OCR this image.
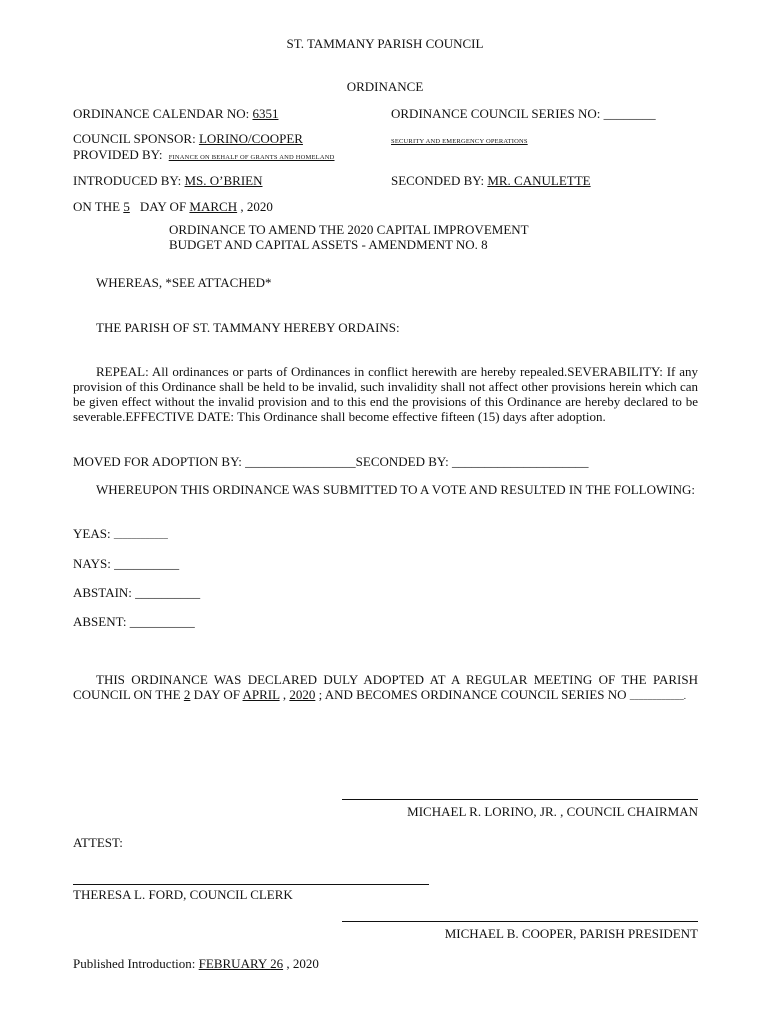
ST. TAMMANY PARISH COUNCIL
ORDINANCE
ORDINANCE CALENDAR NO: 6351	ORDINANCE COUNCIL SERIES NO: ________
COUNCIL SPONSOR: LORINO/COOPER	SECURITY AND EMERGENCY OPERATIONS
PROVIDED BY: FINANCE ON BEHALF OF GRANTS AND HOMELAND
INTRODUCED BY: MS. O’BRIEN	SECONDED BY: MR. CANULETTE
ON THE 5 DAY OF MARCH , 2020
ORDINANCE TO AMEND THE 2020 CAPITAL IMPROVEMENT
BUDGET AND CAPITAL ASSETS - AMENDMENT NO. 8
WHEREAS, *SEE ATTACHED*
THE PARISH OF ST. TAMMANY HEREBY ORDAINS:
REPEAL: All ordinances or parts of Ordinances in conflict herewith are hereby repealed.SEVERABILITY: If any provision of this Ordinance shall be held to be invalid, such invalidity shall not affect other provisions herein which can be given effect without the invalid provision and to this end the provisions of this Ordinance are hereby declared to be severable.EFFECTIVE DATE: This Ordinance shall become effective fifteen (15) days after adoption.
MOVED FOR ADOPTION BY: _________________SECONDED BY: _____________________
WHEREUPON THIS ORDINANCE WAS SUBMITTED TO A VOTE AND RESULTED IN THE FOLLOWING:
YEAS: ____________
NAYS: __________
ABSTAIN: __________
ABSENT: __________
THIS ORDINANCE WAS DECLARED DULY ADOPTED AT A REGULAR MEETING OF THE PARISH COUNCIL ON THE 2 DAY OF APRIL , 2020 ; AND BECOMES ORDINANCE COUNCIL SERIES NO ____________.
MICHAEL R. LORINO, JR. , COUNCIL CHAIRMAN
ATTEST:
THERESA L. FORD, COUNCIL CLERK
MICHAEL B. COOPER, PARISH PRESIDENT
Published Introduction: FEBRUARY 26 , 2020
